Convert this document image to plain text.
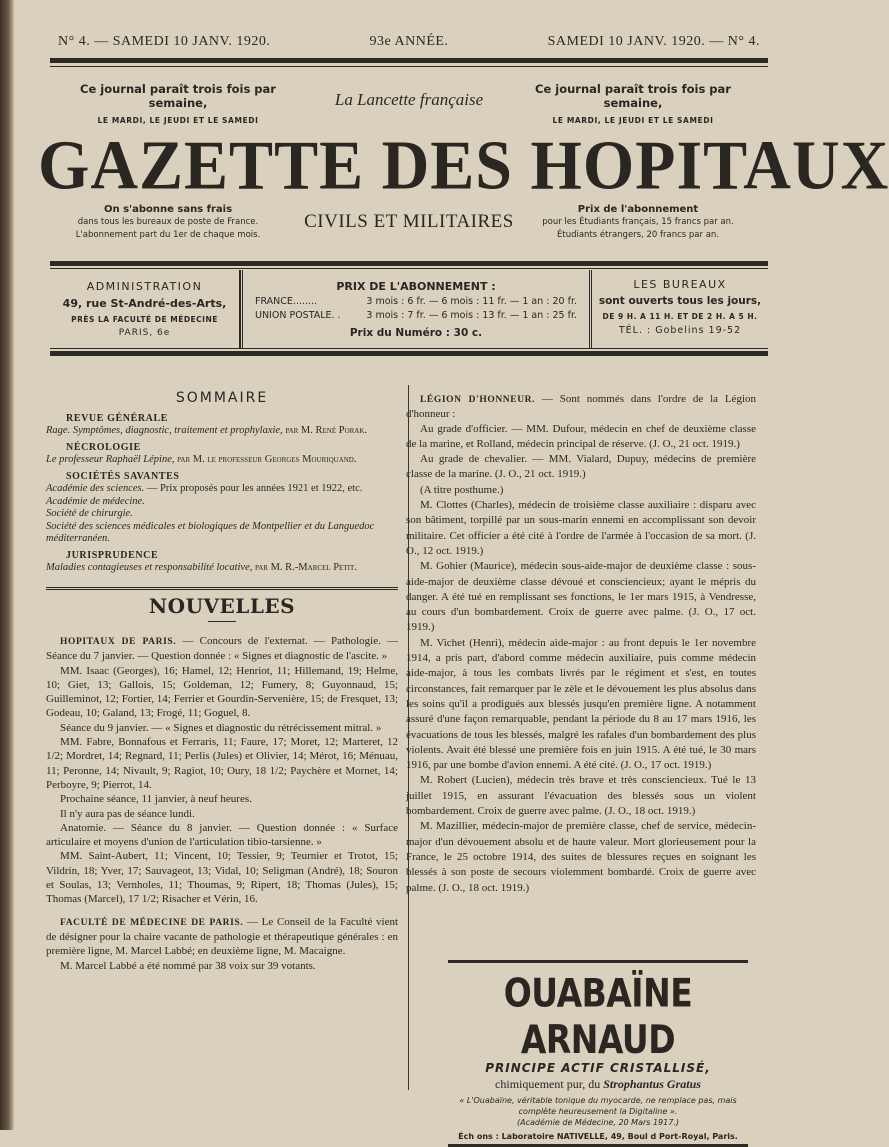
N° 4. — SAMEDI 10 JANV. 1920.	93e ANNÉE.	SAMEDI 10 JANV. 1920. — N° 4.
Ce journal paraît trois fois par semaine,
LE MARDI, LE JEUDI ET LE SAMEDI
La Lancette française
Ce journal paraît trois fois par semaine,
LE MARDI, LE JEUDI ET LE SAMEDI
GAZETTE DES HOPITAUX
On s'abonne sans frais
dans tous les bureaux de poste de France.
L'abonnement part du 1er de chaque mois.
CIVILS ET MILITAIRES
Prix de l'abonnement
pour les Étudiants français, 15 francs par an.
Étudiants étrangers, 20 francs par an.
ADMINISTRATION
49, rue St-André-des-Arts,
PRÈS LA FACULTÉ DE MÉDECINE
PARIS, 6e
PRIX DE L'ABONNEMENT :
FRANCE........	3 mois : 6 fr. — 6 mois : 11 fr. — 1 an : 20 fr.
UNION POSTALE. .	3 mois : 7 fr. — 6 mois : 13 fr. — 1 an : 25 fr.
Prix du Numéro : 30 c.
LES BUREAUX
sont ouverts tous les jours,
DE 9 H. A 11 H. ET DE 2 H. A 5 H.
TÉL. : Gobelins 19-52
SOMMAIRE
REVUE GÉNÉRALE
Rage. Symptômes, diagnostic, traitement et prophylaxie, par M. René Porak.
NÉCROLOGIE
Le professeur Raphaël Lépine, par M. le professeur Georges Mouriquand.
SOCIÉTÉS SAVANTES
Académie des sciences. — Prix proposés pour les années 1921 et 1922, etc.
Académie de médecine.
Société de chirurgie.
Société des sciences médicales et biologiques de Montpellier et du Languedoc méditerranéen.
JURISPRUDENCE
Maladies contagieuses et responsabilité locative, par M. R.-Marcel Petit.
NOUVELLES

HOPITAUX DE PARIS. — Concours de l'externat. — Pathologie. — Séance du 7 janvier. — Question donnée : « Signes et diagnostic de l'ascite. »

MM. Isaac (Georges), 16; Hamel, 12; Henriot, 11; Hillemand, 19; Helme, 10; Giet, 13; Gallois, 15; Goldeman, 12; Fumery, 8; Guyonnaud, 15; Guilleminot, 12; Fortier, 14; Ferrier et Gourdin-Servenière, 15; de Fresquet, 13; Godeau, 10; Galand, 13; Frogé, 11; Goguel, 8.

Séance du 9 janvier. — « Signes et diagnostic du rétrécissement mitral. »

MM. Fabre, Bonnafous et Ferraris, 11; Faure, 17; Moret, 12; Marteret, 12 1/2; Mordret, 14; Regnard, 11; Perlis (Jules) et Olivier, 14; Mérot, 16; Ménuau, 11; Peronne, 14; Nivault, 9; Ragiot, 10; Oury, 18 1/2; Paychère et Mornet, 14; Perboyre, 9; Pierrot, 14.

Prochaine séance, 11 janvier, à neuf heures.

Il n'y aura pas de séance lundi.

Anatomie. — Séance du 8 janvier. — Question donnée : « Surface articulaire et moyens d'union de l'articulation tibio-tarsienne. »

MM. Saint-Aubert, 11; Vincent, 10; Tessier, 9; Teurnier et Trotot, 15; Vildrin, 18; Yver, 17; Sauvageot, 13; Vidal, 10; Seligman (André), 18; Souron et Soulas, 13; Vernholes, 11; Thoumas, 9; Ripert, 18; Thomas (Jules), 15; Thomas (Marcel), 17 1/2; Risacher et Vérin, 16.

FACULTÉ DE MÉDECINE DE PARIS. — Le Conseil de la Faculté vient de désigner pour la chaire vacante de pathologie et thérapeutique générales : en première ligne, M. Marcel Labbé; en deuxième ligne, M. Macaigne.

M. Marcel Labbé a été nommé par 38 voix sur 39 votants.

LÉGION D'HONNEUR. — Sont nommés dans l'ordre de la Légion d'honneur :

Au grade d'officier. — MM. Dufour, médecin en chef de deuxième classe de la marine, et Rolland, médecin principal de réserve. (J. O., 21 oct. 1919.)

Au grade de chevalier. — MM. Vialard, Dupuy, médecins de première classe de la marine. (J. O., 21 oct. 1919.)

(A titre posthume.)

M. Clottes (Charles), médecin de troisième classe auxiliaire : disparu avec son bâtiment, torpillé par un sous-marin ennemi en accomplissant son devoir militaire. Cet officier a été cité à l'ordre de l'armée à l'occasion de sa mort. (J. O., 12 oct. 1919.)

M. Gohier (Maurice), médecin sous-aide-major de deuxième classe : sous-aide-major de deuxième classe dévoué et consciencieux; ayant le mépris du danger. A été tué en remplissant ses fonctions, le 1er mars 1915, à Vendresse, au cours d'un bombardement. Croix de guerre avec palme. (J. O., 17 oct. 1919.)

M. Vichet (Henri), médecin aide-major : au front depuis le 1er novembre 1914, a pris part, d'abord comme médecin auxiliaire, puis comme médecin aide-major, à tous les combats livrés par le régiment et s'est, en toutes circonstances, fait remarquer par le zèle et le dévouement les plus absolus dans les soins qu'il a prodigués aux blessés jusqu'en première ligne. A notamment assuré d'une façon remarquable, pendant la période du 8 au 17 mars 1916, les évacuations de tous les blessés, malgré les rafales d'un bombardement des plus violents. Avait été blessé une première fois en juin 1915. A été tué, le 30 mars 1916, par une bombe d'avion ennemi. A été cité. (J. O., 17 oct. 1919.)

M. Robert (Lucien), médecin très brave et très consciencieux. Tué le 13 juillet 1915, en assurant l'évacuation des blessés sous un violent bombardement. Croix de guerre avec palme. (J. O., 18 oct. 1919.)

M. Mazillier, médecin-major de première classe, chef de service, médecin-major d'un dévouement absolu et de haute valeur. Mort glorieusement pour la France, le 25 octobre 1914, des suites de blessures reçues en soignant les blessés à son poste de secours violemment bombardé. Croix de guerre avec palme. (J. O., 18 oct. 1919.)

OUABAÏNE ARNAUD
PRINCIPE ACTIF CRISTALLISÉ,
chimiquement pur, du Strophantus Gratus
« L'Ouabaïne, véritable tonique du myocarde, ne remplace pas, mais complète heureusement la Digitaline ».
(Académie de Médecine, 20 Mars 1917.)
Éch ons : Laboratoire NATIVELLE, 49, Boul d Port-Royal, Paris.
